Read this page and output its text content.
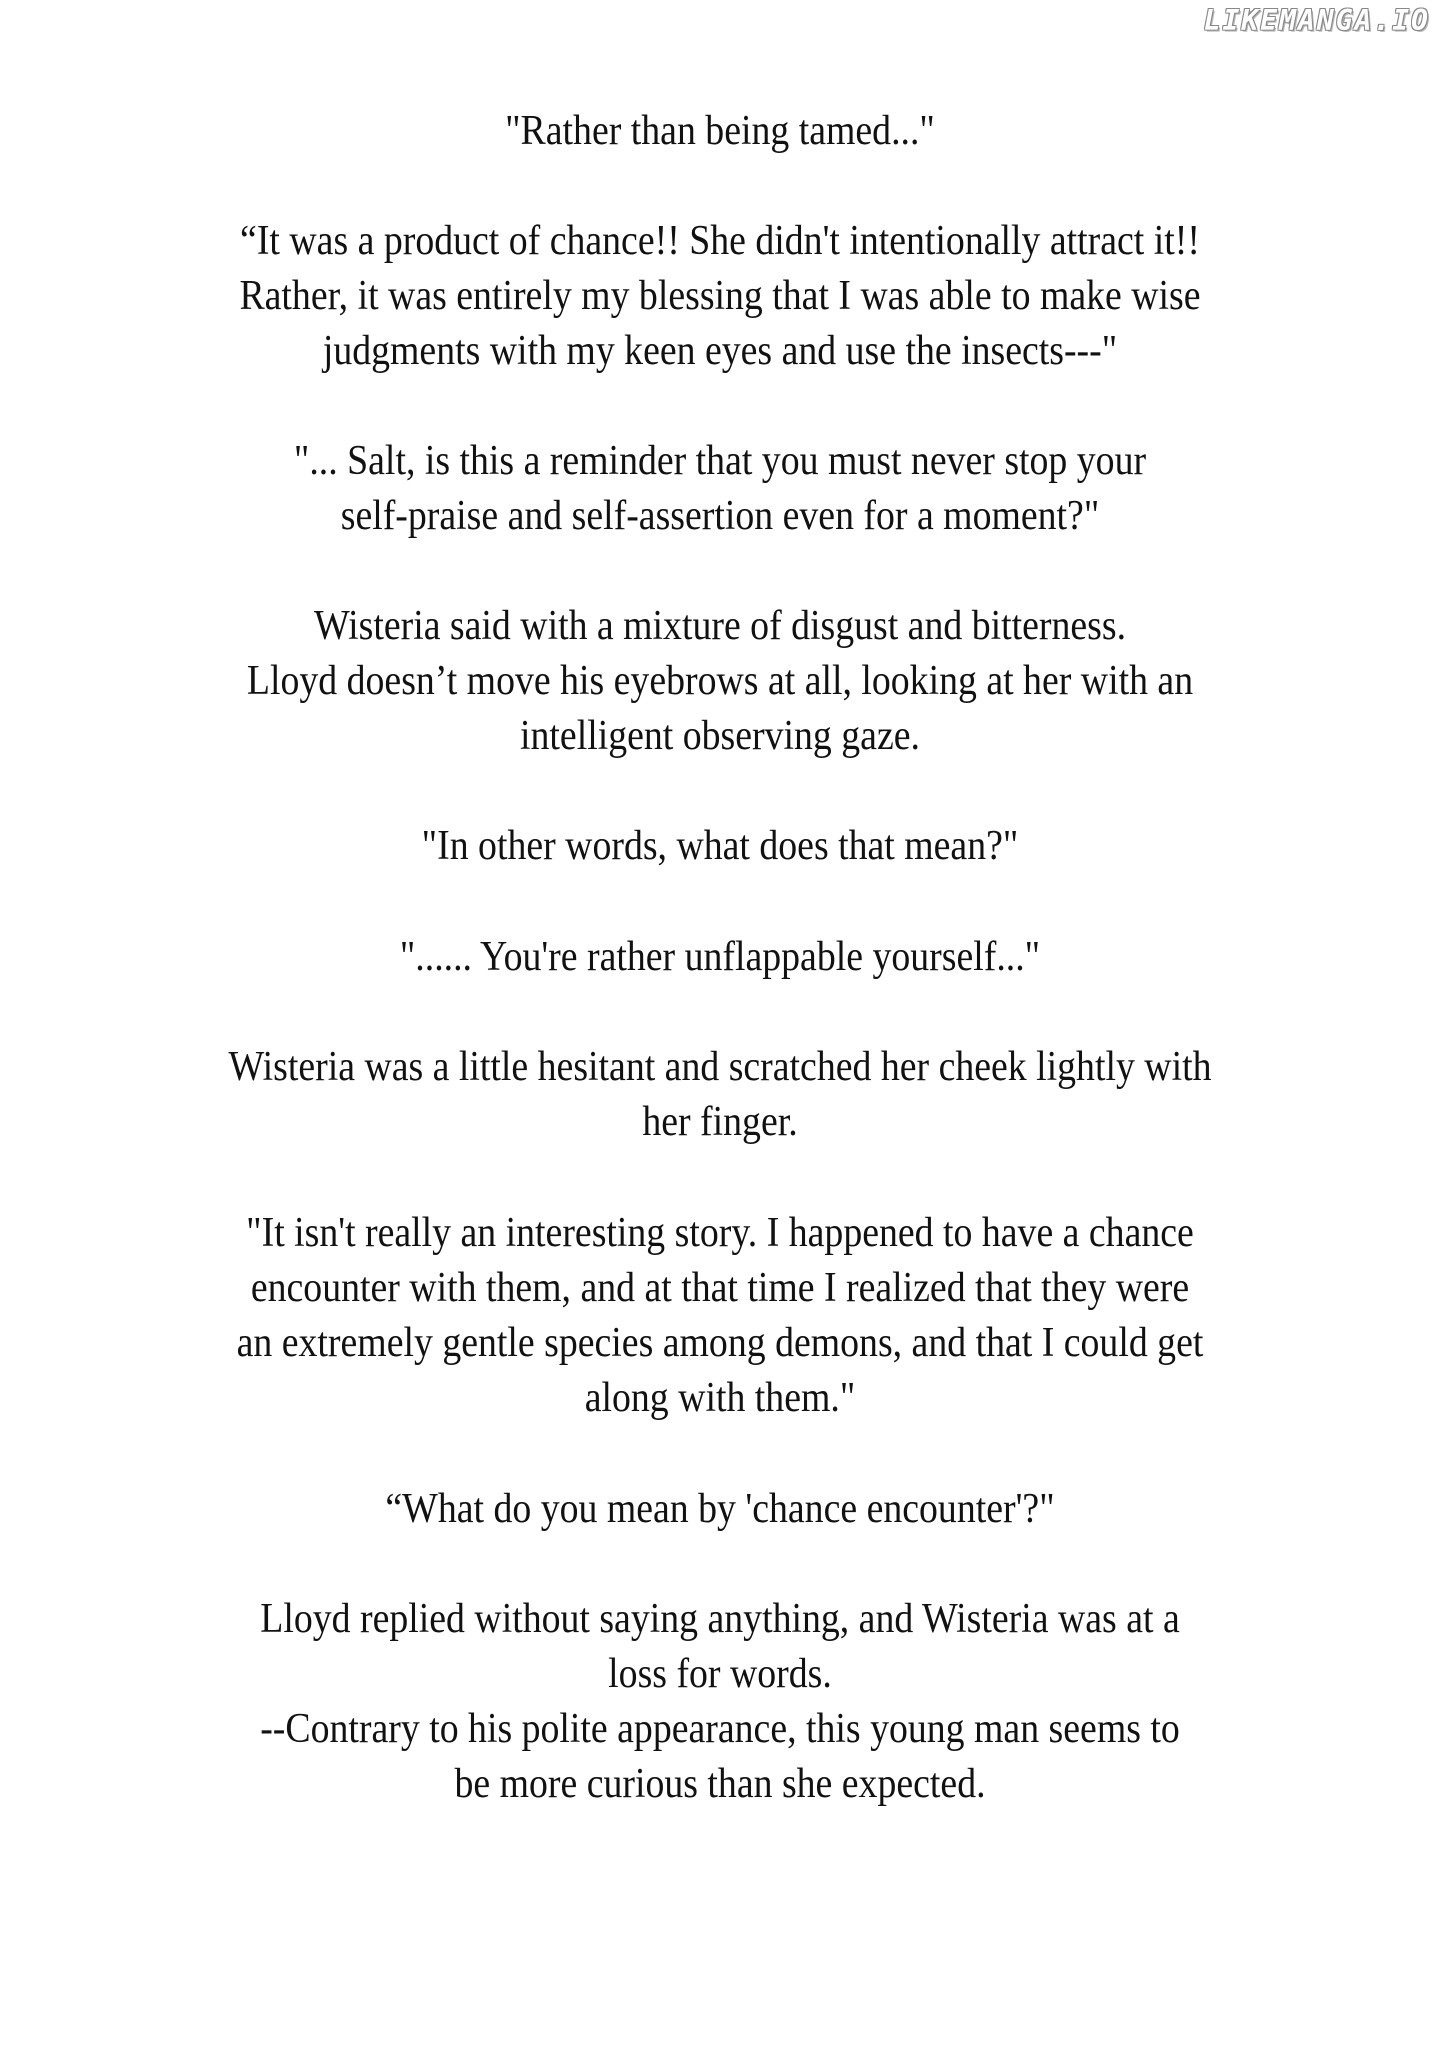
LIKEMANGA.IO
"Rather than being tamed..."
“It was a product of chance!! She didn't intentionally attract it!!
Rather, it was entirely my blessing that I was able to make wise
judgments with my keen eyes and use the insects---"
"... Salt, is this a reminder that you must never stop your
self-praise and self-assertion even for a moment?"
Wisteria said with a mixture of disgust and bitterness.
Lloyd doesn’t move his eyebrows at all, looking at her with an
intelligent observing gaze.
"In other words, what does that mean?"
"...... You're rather unflappable yourself..."
Wisteria was a little hesitant and scratched her cheek lightly with
her finger.
"It isn't really an interesting story. I happened to have a chance
encounter with them, and at that time I realized that they were
an extremely gentle species among demons, and that I could get
along with them."
“What do you mean by 'chance encounter'?"
Lloyd replied without saying anything, and Wisteria was at a
loss for words.
--Contrary to his polite appearance, this young man seems to
be more curious than she expected.
